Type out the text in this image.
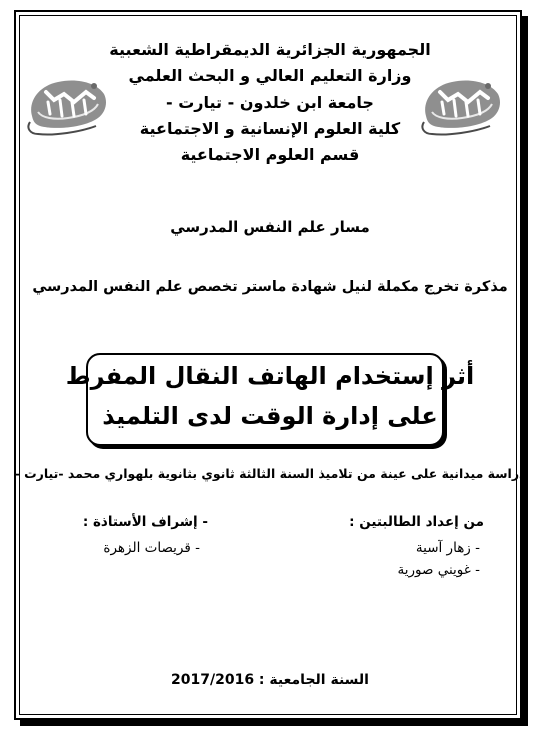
الجمهورية الجزائرية الديمقراطية الشعبية
وزارة التعليم العالي و البحث العلمي
جامعة ابن خلدون - تيارت -
كلية العلوم الإنسانية و الاجتماعية
قسم العلوم الاجتماعية
مسار علم النفس المدرسي
مذكرة تخرج مكملة لنيل شهادة ماستر تخصص علم النفس المدرسي
أثر إستخدام الهاتف النقال المفرط
على إدارة الوقت لدى التلميذ
دراسة ميدانية على عينة من تلاميذ السنة الثالثة ثانوي بثانوية بلهواري محمد -تيارت -
من إعداد الطالبتين :
- زهار آسية
- غويني صورية
- إشراف الأستاذة :
- قريصات الزهرة
السنة الجامعية : 2017/2016
